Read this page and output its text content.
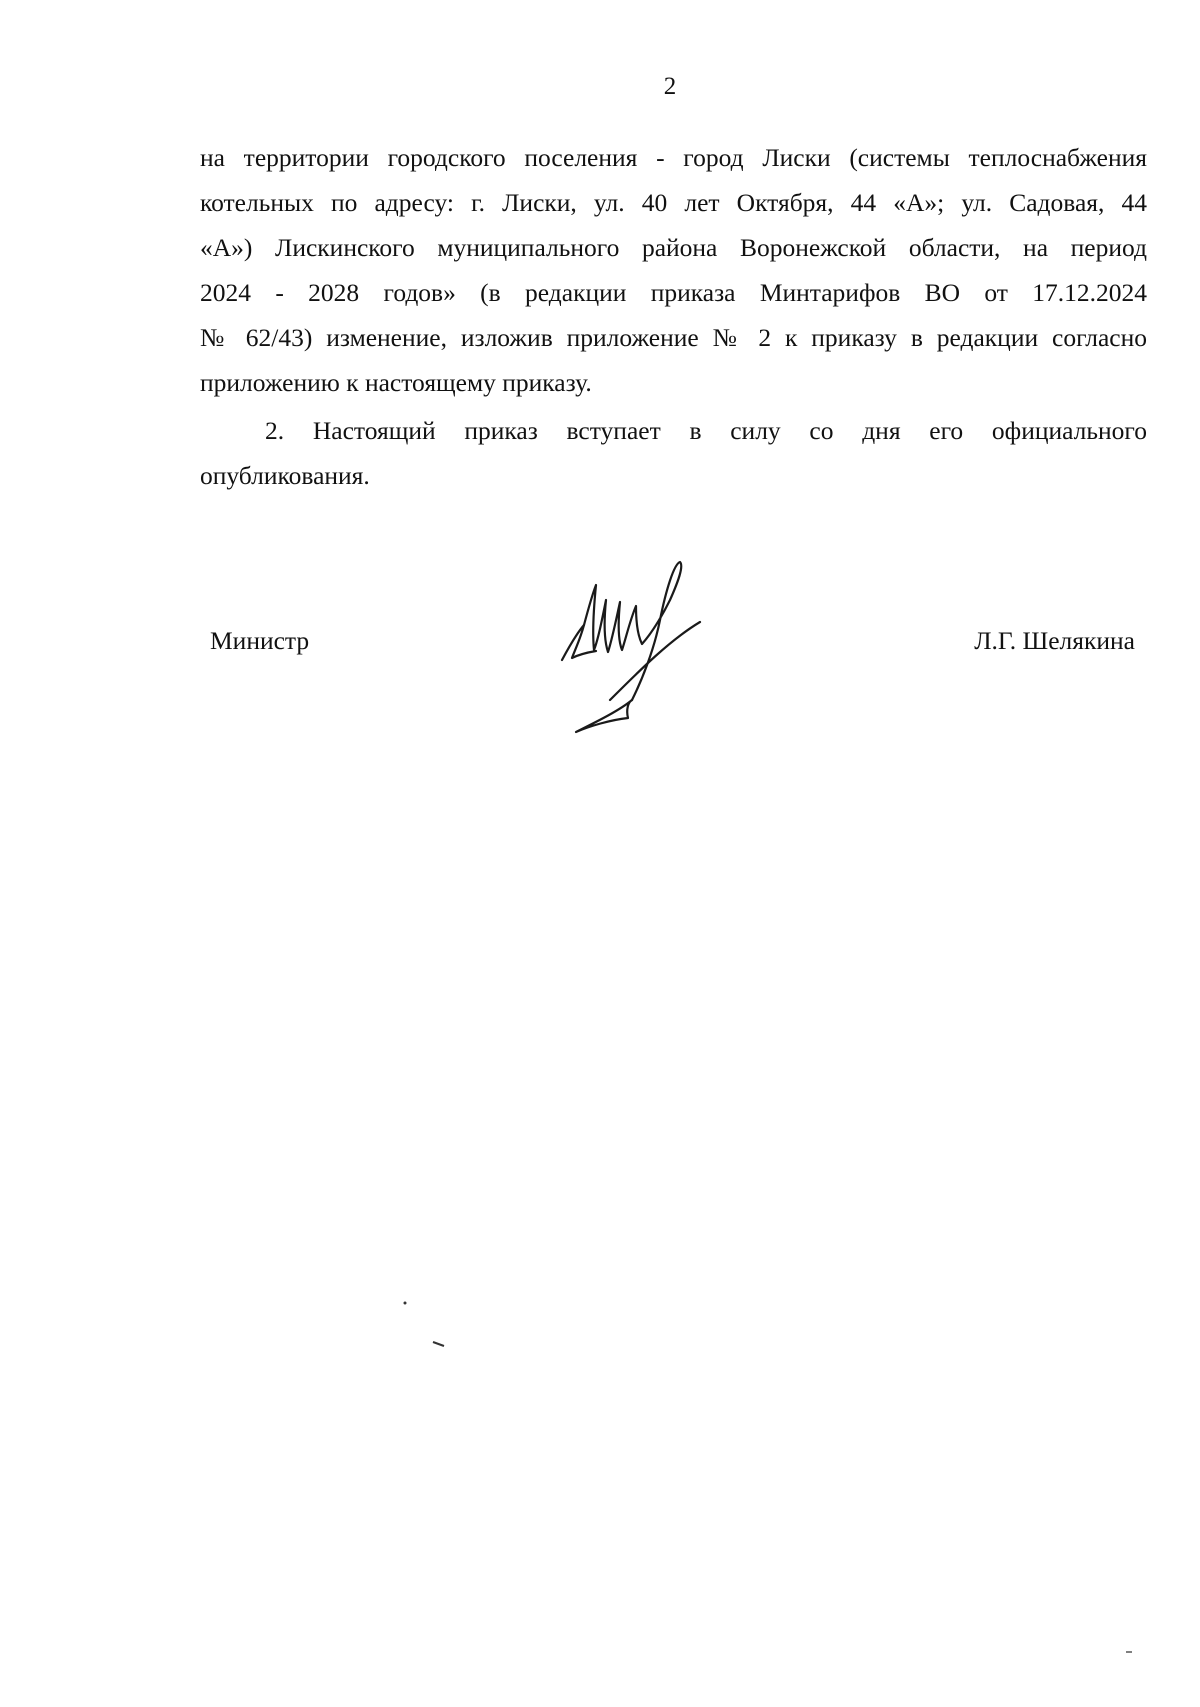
2

на территории городского поселения - город Лиски (системы теплоснабжения
котельных по адресу: г. Лиски, ул. 40 лет Октября, 44 «А»; ул. Садовая, 44
«А») Лискинского муниципального района Воронежской области, на период
2024 - 2028 годов» (в редакции приказа Минтарифов ВО от 17.12.2024
№ 62/43) изменение, изложив приложение № 2 к приказу в редакции согласно
приложению к настоящему приказу.

2. Настоящий приказ вступает в силу со дня его официального
опубликования.

Министр	Л.Г. Шелякина
